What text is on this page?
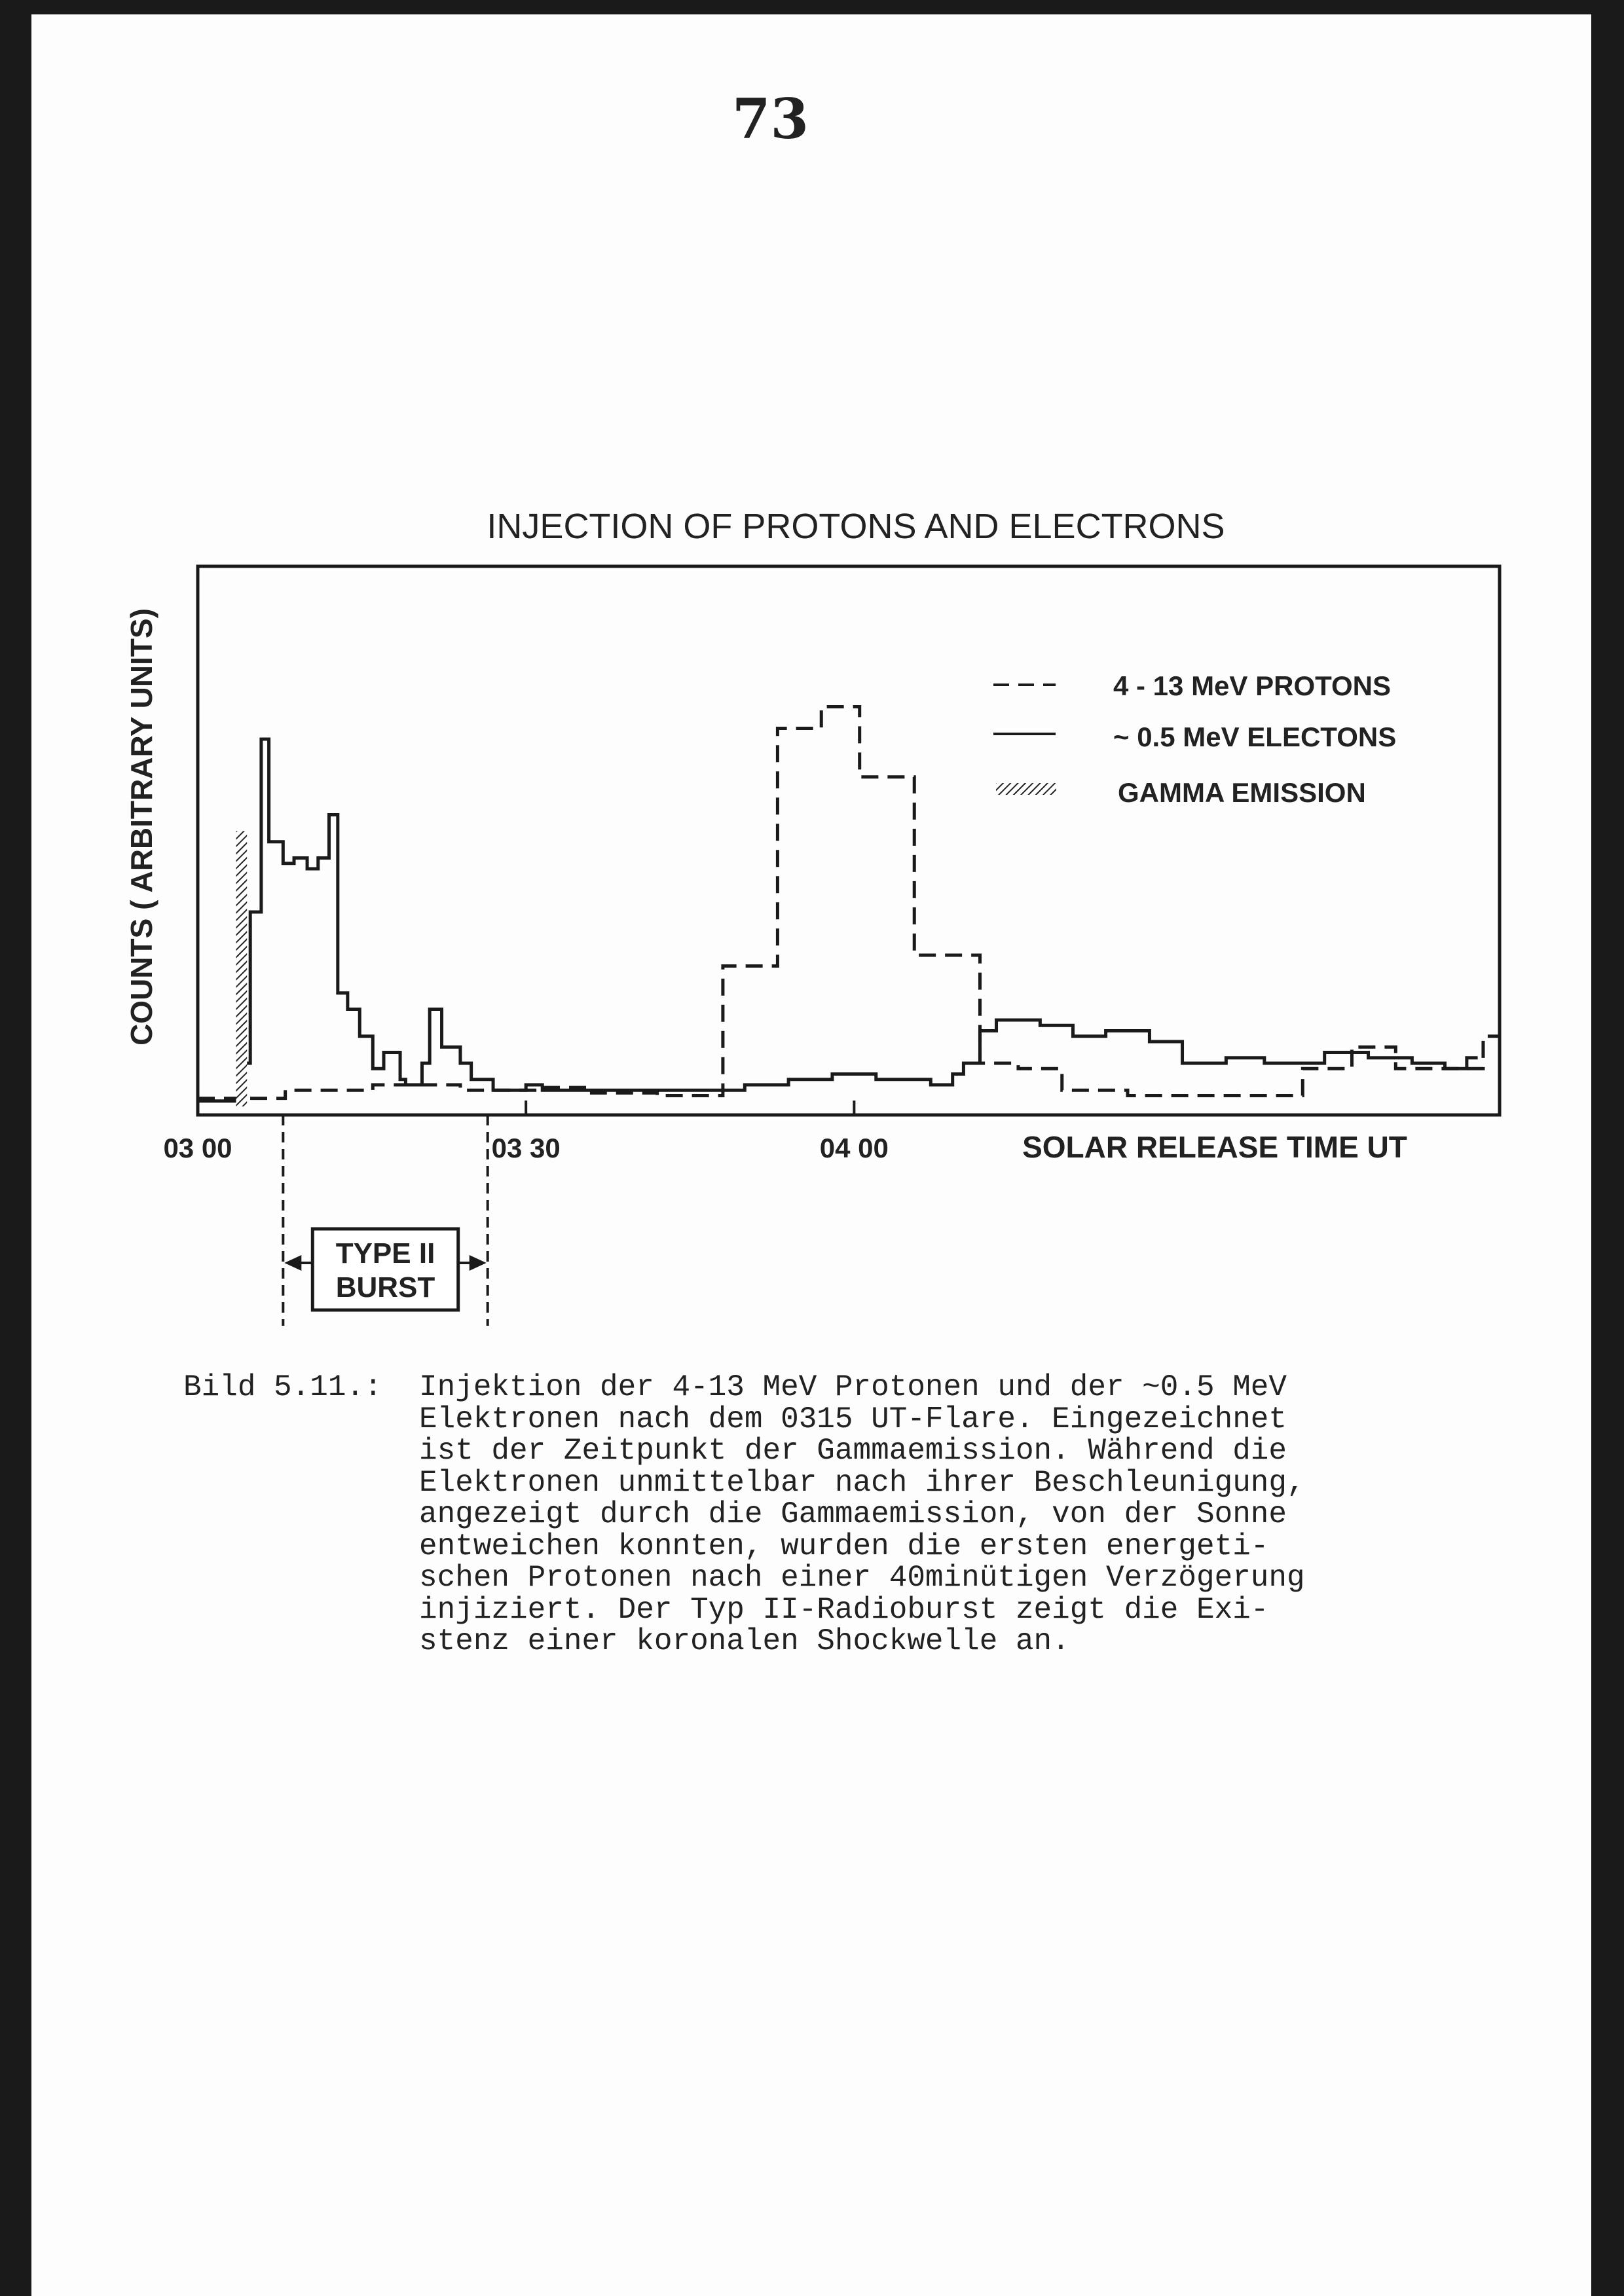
73
INJECTION OF PROTONS AND ELECTRONS
COUNTS ( ARBITRARY UNITS)
03 00	03 30	04 00	SOLAR RELEASE TIME UT
4 - 13 MeV PROTONS
~ 0.5 MeV ELECTONS
GAMMA EMISSION
TYPE II
BURST
Bild 5.11.: Injektion der 4-13 MeV Protonen und der ~0.5 MeV
Elektronen nach dem 0315 UT-Flare. Eingezeichnet
ist der Zeitpunkt der Gammaemission. Während die
Elektronen unmittelbar nach ihrer Beschleunigung,
angezeigt durch die Gammaemission, von der Sonne
entweichen konnten, wurden die ersten energeti-
schen Protonen nach einer 40minütigen Verzögerung
injiziert. Der Typ II-Radioburst zeigt die Exi-
stenz einer koronalen Shockwelle an.
